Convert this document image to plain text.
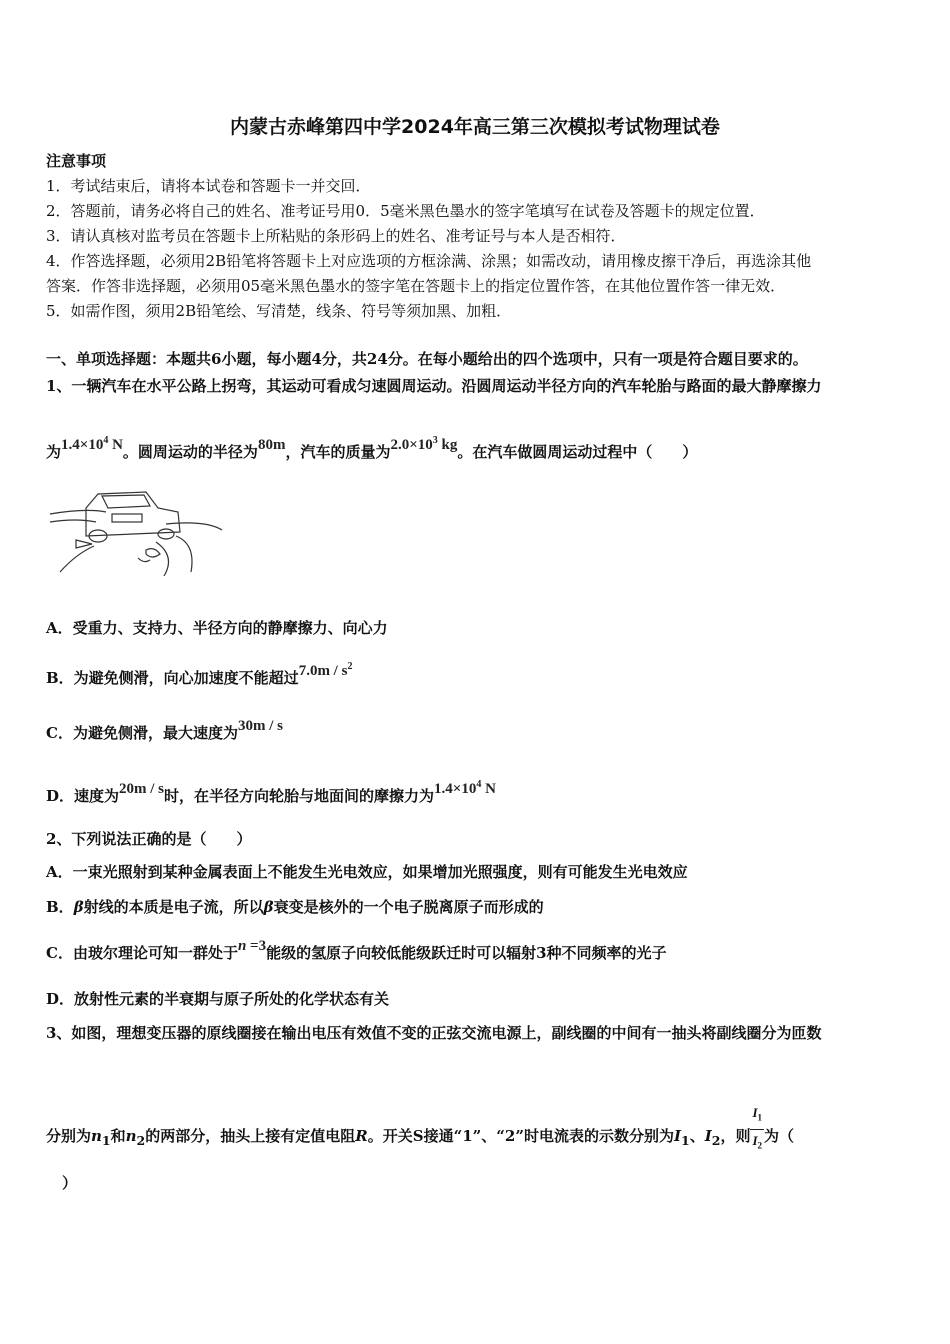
内蒙古赤峰第四中学2024年高三第三次模拟考试物理试卷
注意事项
1．考试结束后，请将本试卷和答题卡一并交回．
2．答题前，请务必将自己的姓名、准考证号用0．5毫米黑色墨水的签字笔填写在试卷及答题卡的规定位置．
3．请认真核对监考员在答题卡上所粘贴的条形码上的姓名、准考证号与本人是否相符．
4．作答选择题，必须用2B铅笔将答题卡上对应选项的方框涂满、涂黑；如需改动，请用橡皮擦干净后，再选涂其他
答案．作答非选择题，必须用05毫米黑色墨水的签字笔在答题卡上的指定位置作答，在其他位置作答一律无效．
5．如需作图，须用2B铅笔绘、写清楚，线条、符号等须加黑、加粗．
一、单项选择题：本题共6小题，每小题4分，共24分。在每小题给出的四个选项中，只有一项是符合题目要求的。
1、一辆汽车在水平公路上拐弯，其运动可看成匀速圆周运动。沿圆周运动半径方向的汽车轮胎与路面的最大静摩擦力
为$1.4\times 10^4$ N。圆周运动的半径为80m，汽车的质量为$2.0\times 10^3$ kg。在汽车做圆周运动过程中（　　）
A．受重力、支持力、半径方向的静摩擦力、向心力
B．为避免侧滑，向心加速度不能超过$7.0m / s^2$
C．为避免侧滑，最大速度为30m / s
D．速度为20m / s时，在半径方向轮胎与地面间的摩擦力为$1.4\times 10^4$ N
2、下列说法正确的是（　　）
A．一束光照射到某种金属表面上不能发生光电效应，如果增加光照强度，则有可能发生光电效应
B．β射线的本质是电子流，所以β衰变是核外的一个电子脱离原子而形成的
C．由玻尔理论可知一群处于n =3能级的氢原子向较低能级跃迁时可以辐射3种不同频率的光子
D．放射性元素的半衰期与原子所处的化学状态有关
3、如图，理想变压器的原线圈接在输出电压有效值不变的正弦交流电源上，副线圈的中间有一抽头将副线圈分为匝数
分别为$n_1$和$n_2$的两部分，抽头上接有定值电阻R。开关S接通“1”、“2”时电流表的示数分别为$I_1$、$I_2$，则 $\frac{I_1}{I_2}$ 为（
）
